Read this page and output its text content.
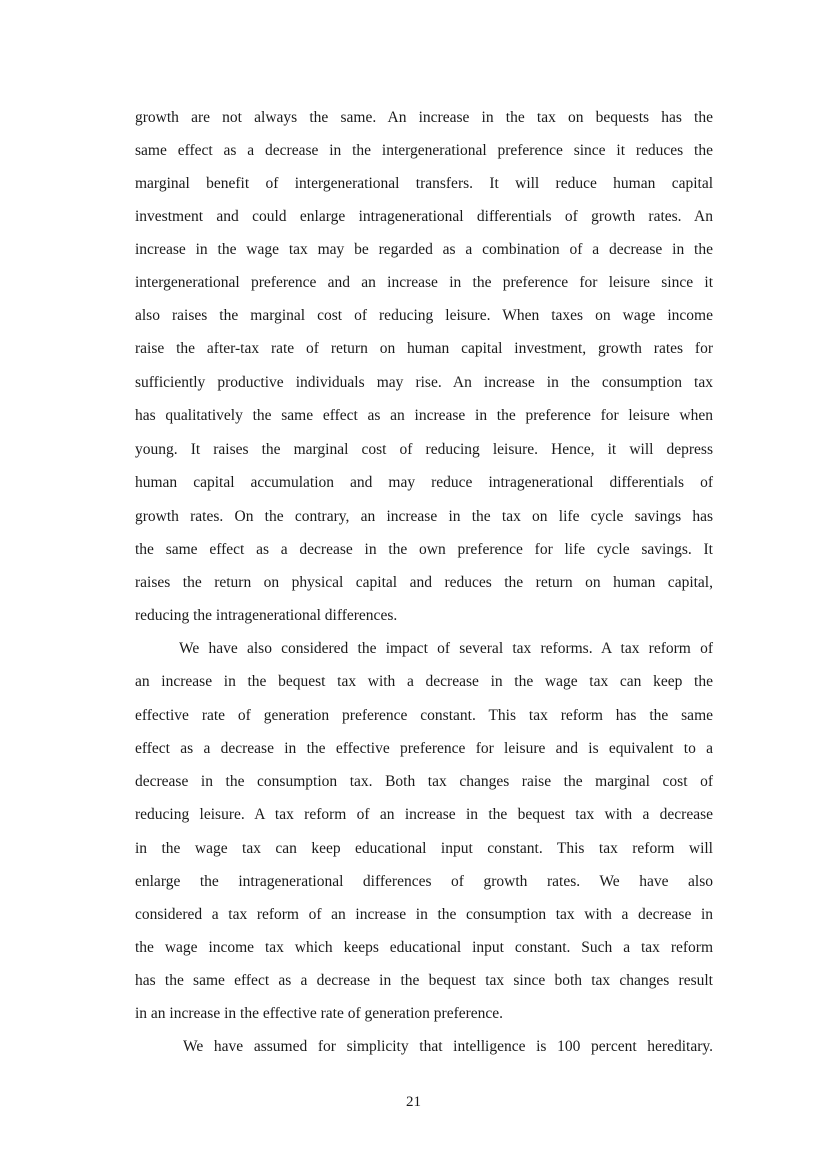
growth are not always the same. An increase in the tax on bequests has the
same effect as a decrease in the intergenerational preference since it reduces the
marginal benefit of intergenerational transfers. It will reduce human capital
investment and could enlarge intragenerational differentials of growth rates. An
increase in the wage tax may be regarded as a combination of a decrease in the
intergenerational preference and an increase in the preference for leisure since it
also raises the marginal cost of reducing leisure. When taxes on wage income
raise the after-tax rate of return on human capital investment, growth rates for
sufficiently productive individuals may rise. An increase in the consumption tax
has qualitatively the same effect as an increase in the preference for leisure when
young. It raises the marginal cost of reducing leisure. Hence, it will depress
human capital accumulation and may reduce intragenerational differentials of
growth rates. On the contrary, an increase in the tax on life cycle savings has
the same effect as a decrease in the own preference for life cycle savings. It
raises the return on physical capital and reduces the return on human capital,
reducing the intragenerational differences.
We have also considered the impact of several tax reforms. A tax reform of
an increase in the bequest tax with a decrease in the wage tax can keep the
effective rate of generation preference constant. This tax reform has the same
effect as a decrease in the effective preference for leisure and is equivalent to a
decrease in the consumption tax. Both tax changes raise the marginal cost of
reducing leisure. A tax reform of an increase in the bequest tax with a decrease
in the wage tax can keep educational input constant. This tax reform will
enlarge the intragenerational differences of growth rates. We have also
considered a tax reform of an increase in the consumption tax with a decrease in
the wage income tax which keeps educational input constant. Such a tax reform
has the same effect as a decrease in the bequest tax since both tax changes result
in an increase in the effective rate of generation preference.
We have assumed for simplicity that intelligence is 100 percent hereditary.
21
